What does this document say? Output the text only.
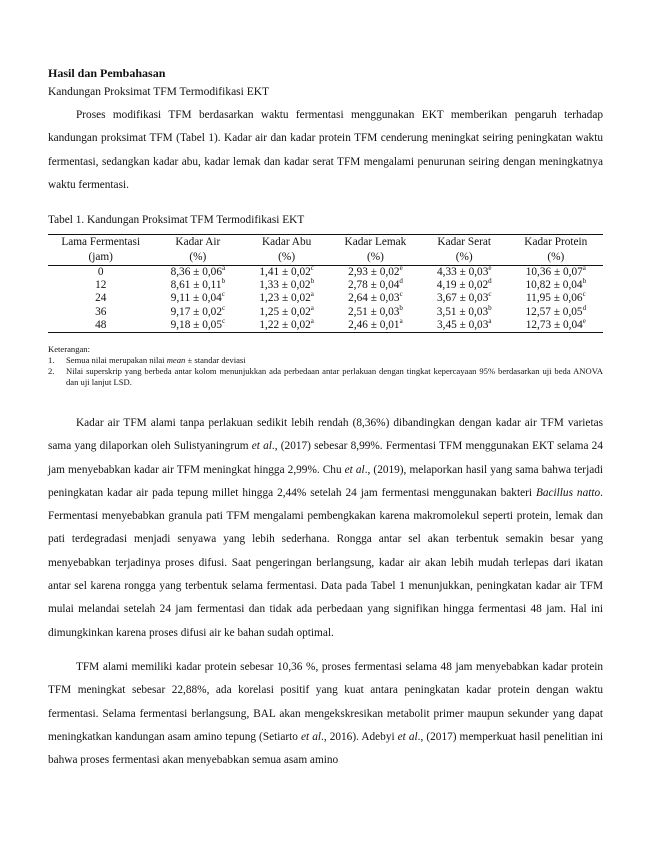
Hasil dan Pembahasan
Kandungan Proksimat TFM Termodifikasi EKT

Proses modifikasi TFM berdasarkan waktu fermentasi menggunakan EKT memberikan pengaruh terhadap kandungan proksimat TFM (Tabel 1). Kadar air dan kadar protein TFM cenderung meningkat seiring peningkatan waktu fermentasi, sedangkan kadar abu, kadar lemak dan kadar serat TFM mengalami penurunan seiring dengan meningkatnya waktu fermentasi.

Tabel 1. Kandungan Proksimat TFM Termodifikasi EKT
Lama Fermentasi	Kadar Air	Kadar Abu	Kadar Lemak	Kadar Serat	Kadar Protein
(jam)	(%)	(%)	(%)	(%)	(%)
0	8,36 ± 0,06$^a$	1,41 ± 0,02$^c$	2,93 ± 0,02$^e$	4,33 ± 0,03$^e$	10,36 ± 0,07$^a$
12	8,61 ± 0,11$^b$	1,33 ± 0,02$^b$	2,78 ± 0,04$^d$	4,19 ± 0,02$^d$	10,82 ± 0,04$^b$
24	9,11 ± 0,04$^c$	1,23 ± 0,02$^a$	2,64 ± 0,03$^c$	3,67 ± 0,03$^c$	11,95 ± 0,06$^c$
36	9,17 ± 0,02$^c$	1,25 ± 0,02$^a$	2,51 ± 0,03$^b$	3,51 ± 0,03$^b$	12,57 ± 0,05$^d$
48	9,18 ± 0,05$^c$	1,22 ± 0,02$^a$	2,46 ± 0,01$^a$	3,45 ± 0,03$^a$	12,73 ± 0,04$^e$
Keterangan:
1.	Semua nilai merupakan nilai mean ± standar deviasi
2.	Nilai superskrip yang berbeda antar kolom menunjukkan ada perbedaan antar perlakuan dengan tingkat kepercayaan 95% berdasarkan uji beda ANOVA dan uji lanjut LSD.

Kadar air TFM alami tanpa perlakuan sedikit lebih rendah (8,36%) dibandingkan dengan kadar air TFM varietas sama yang dilaporkan oleh Sulistyaningrum et al., (2017) sebesar 8,99%. Fermentasi TFM menggunakan EKT selama 24 jam menyebabkan kadar air TFM meningkat hingga 2,99%. Chu et al., (2019), melaporkan hasil yang sama bahwa terjadi peningkatan kadar air pada tepung millet hingga 2,44% setelah 24 jam fermentasi menggunakan bakteri Bacillus natto. Fermentasi menyebabkan granula pati TFM mengalami pembengkakan karena makromolekul seperti protein, lemak dan pati terdegradasi menjadi senyawa yang lebih sederhana. Rongga antar sel akan terbentuk semakin besar yang menyebabkan terjadinya proses difusi. Saat pengeringan berlangsung, kadar air akan lebih mudah terlepas dari ikatan antar sel karena rongga yang terbentuk selama fermentasi. Data pada Tabel 1 menunjukkan, peningkatan kadar air TFM mulai melandai setelah 24 jam fermentasi dan tidak ada perbedaan yang signifikan hingga fermentasi 48 jam. Hal ini dimungkinkan karena proses difusi air ke bahan sudah optimal.

TFM alami memiliki kadar protein sebesar 10,36 %, proses fermentasi selama 48 jam menyebabkan kadar protein TFM meningkat sebesar 22,88%, ada korelasi positif yang kuat antara peningkatan kadar protein dengan waktu fermentasi. Selama fermentasi berlangsung, BAL akan mengekskresikan metabolit primer maupun sekunder yang dapat meningkatkan kandungan asam amino tepung (Setiarto et al., 2016). Adebyi et al., (2017) memperkuat hasil penelitian ini bahwa proses fermentasi akan menyebabkan semua asam amino
